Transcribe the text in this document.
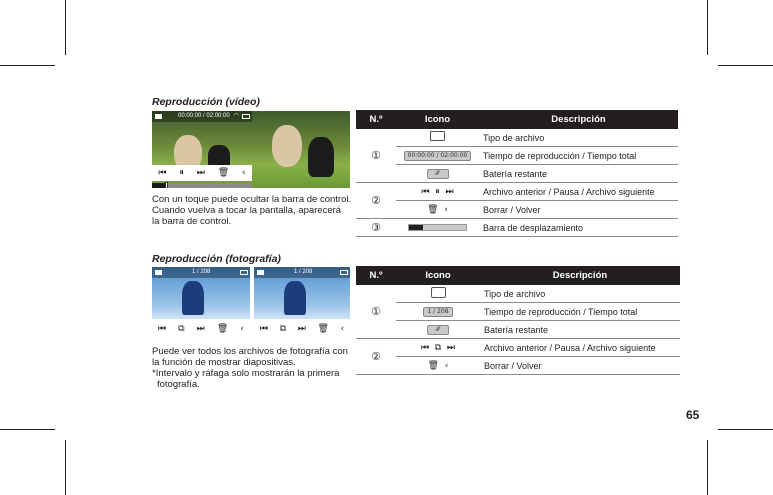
Reproducción (vídeo)
00:00:00 / 02:00:00 ◠
⏮ ⏸ ⏭ 🗑 ‹
Con un toque puede ocultar la barra de control.
Cuando vuelva a tocar la pantalla, aparecerá
la barra de control.
N.º	Icono	Descripción
①		Tipo de archivo
	00:00:00 / 02:00:00	Tiempo de reproducción / Tiempo total
	⁄⁄⁄	Batería restante
②	⏮  ⏸  ⏭	Archivo anterior / Pausa / Archivo siguiente
	🗑  ‹	Borrar / Volver
③		Barra de desplazamiento
Reproducción (fotografía)
1 / 208
⏮ ⧉ ⏭ 🗑 ‹
1 / 208
⏮ ⧉ ⏭ 🗑 ‹
Puede ver todos los archivos de fotografía con
la función de mostrar diapositivas.
*Intervalo y ráfaga solo mostrarán la primera
fotografía.
N.º	Icono	Descripción
①		Tipo de archivo
	1 / 208	Tiempo de reproducción / Tiempo total
	⁄⁄⁄	Batería restante
②	⏮  ⧉  ⏭	Archivo anterior / Pausa / Archivo siguiente
	🗑  ‹	Borrar / Volver
65
